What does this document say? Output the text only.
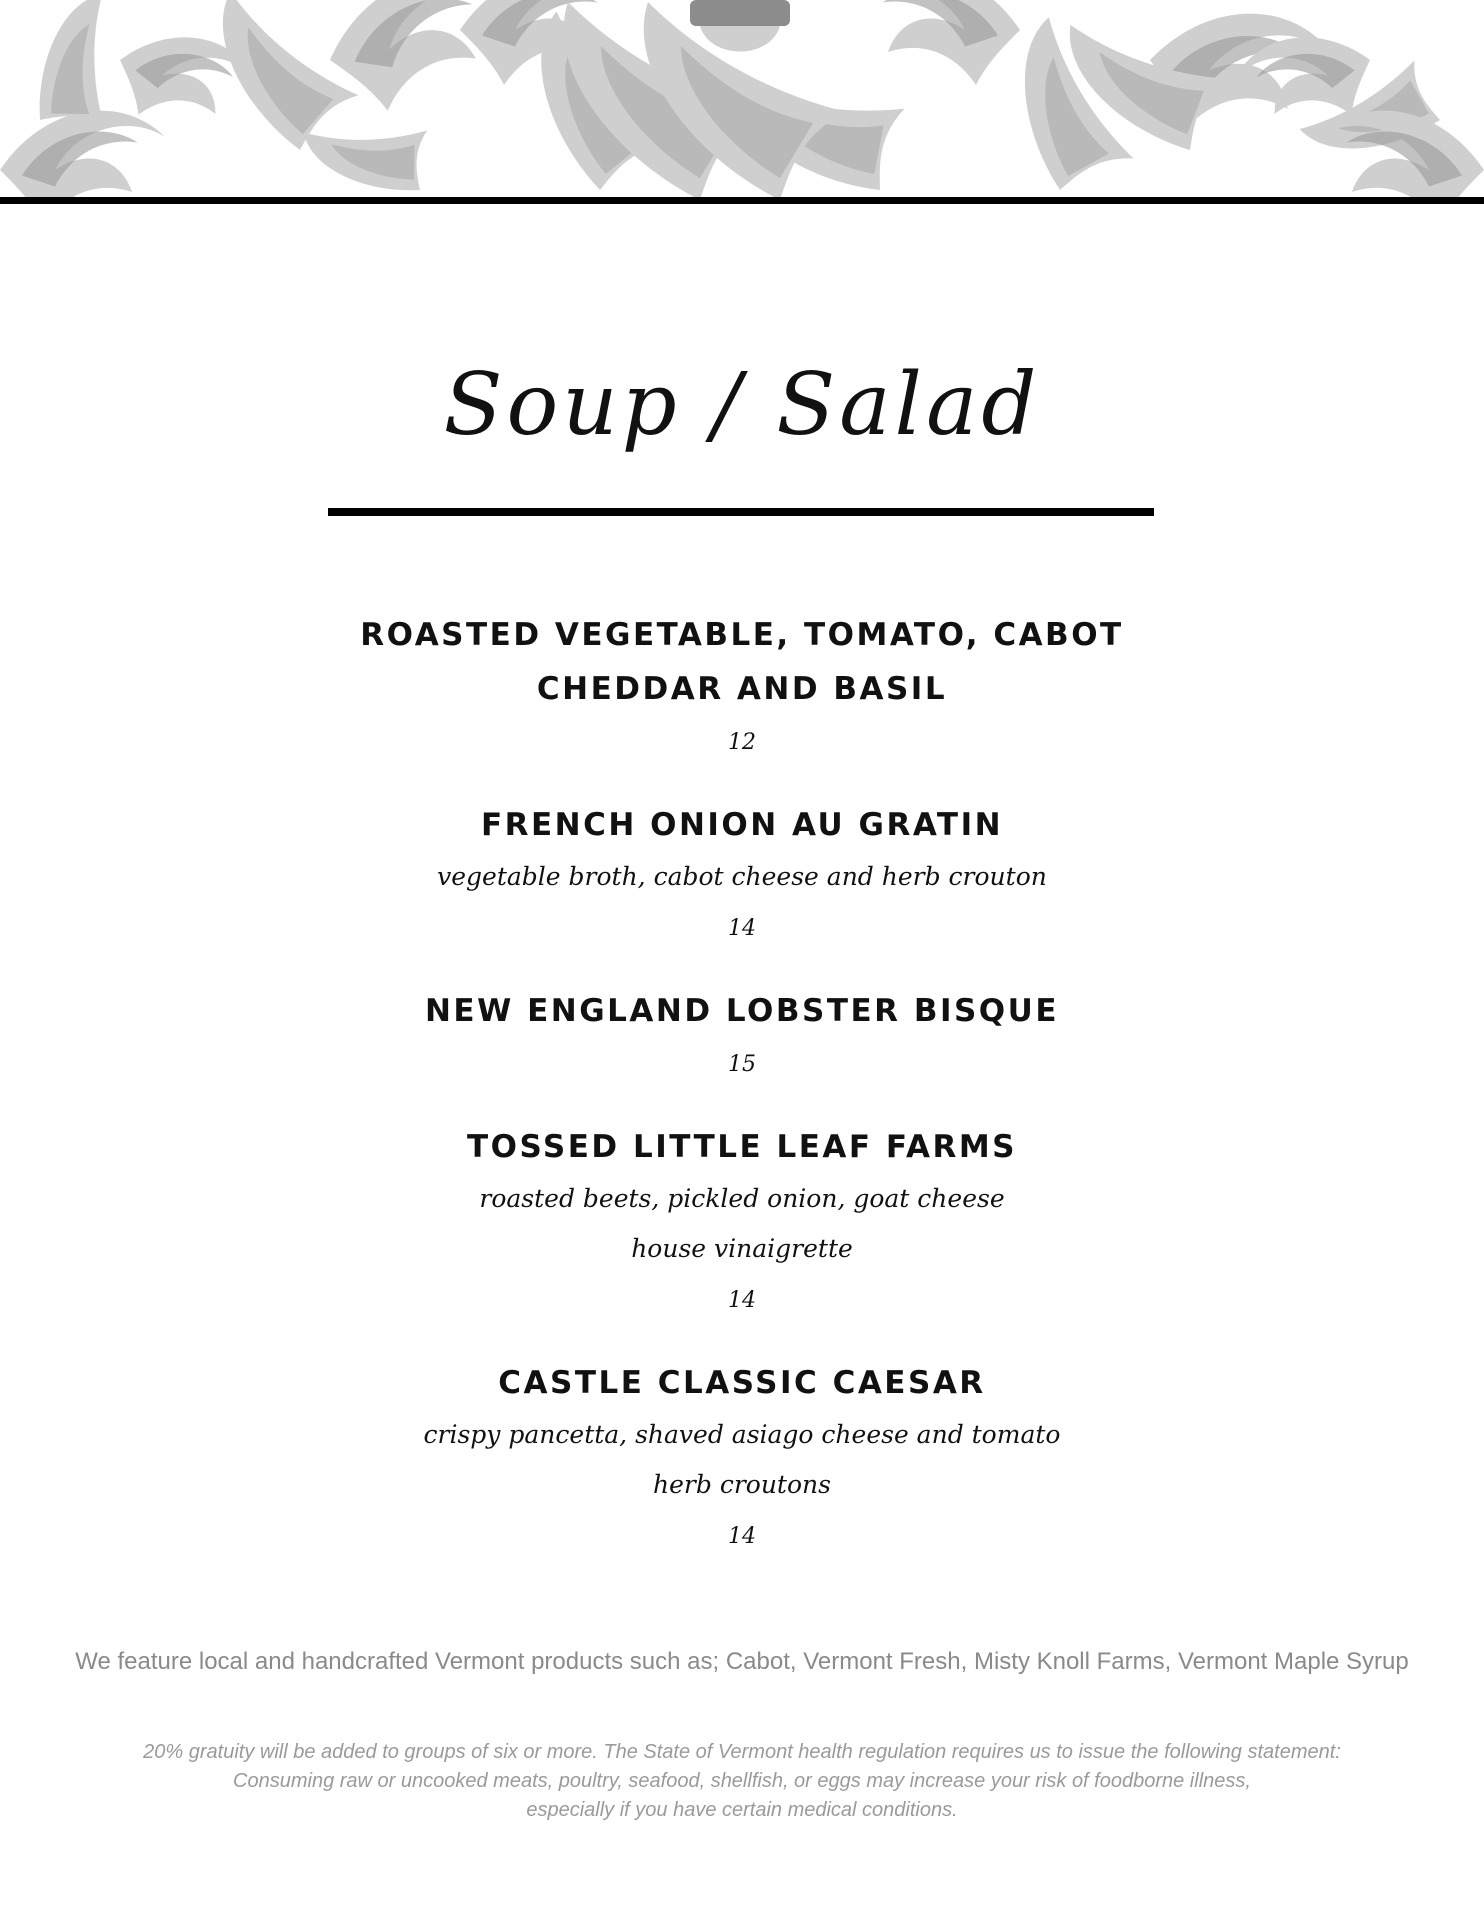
Soup / Salad
ROASTED VEGETABLE, TOMATO, CABOT CHEDDAR AND BASIL
12
FRENCH ONION AU GRATIN
vegetable broth, cabot cheese and herb crouton
14
NEW ENGLAND LOBSTER BISQUE
15
TOSSED LITTLE LEAF FARMS
roasted beets, pickled onion, goat cheese
house vinaigrette
14
CASTLE CLASSIC CAESAR
crispy pancetta, shaved asiago cheese and tomato
herb croutons
14
We feature local and handcrafted Vermont products such as; Cabot, Vermont Fresh, Misty Knoll Farms, Vermont Maple Syrup
20% gratuity will be added to groups of six or more. The State of Vermont health regulation requires us to issue the following statement:
Consuming raw or uncooked meats, poultry, seafood, shellfish, or eggs may increase your risk of foodborne illness,
especially if you have certain medical conditions.
